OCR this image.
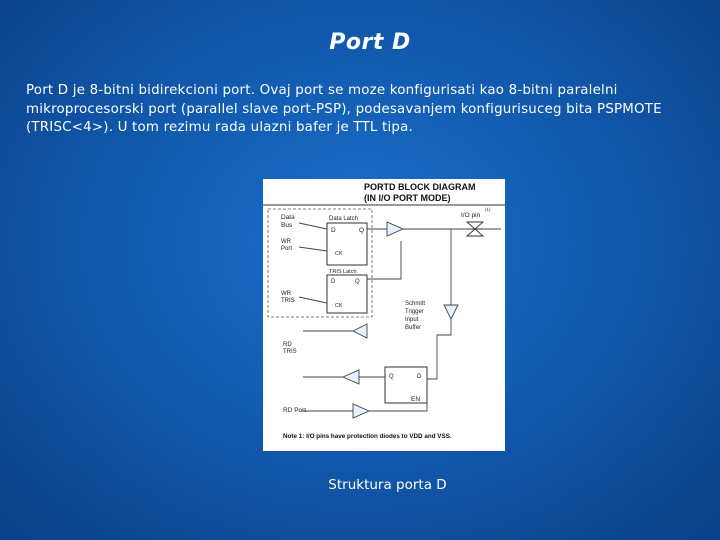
Port D
Port D je 8-bitni bidirekcioni port. Ovaj port se moze konfigurisati kao 8-bitni paralelni mikroprocesorski port (parallel slave port-PSP), podesavanjem konfigurisuceg bita PSPMOTE (TRISC<4>). U tom rezimu rada ulazni bafer je TTL tipa.
PORTD BLOCK DIAGRAM
(IN I/O PORT MODE)
Data
Bus
WR
Port
WR
TRIS
RD
TRIS
RD Port
Data Latch
D	Q
CK
TRIS Latch
D	Q
CK
I/O pin
(1)
Schmitt
Trigger
Input
Buffer
Q	D
EN
Note 1: I/O pins have protection diodes to VDD and VSS.
Struktura porta D
